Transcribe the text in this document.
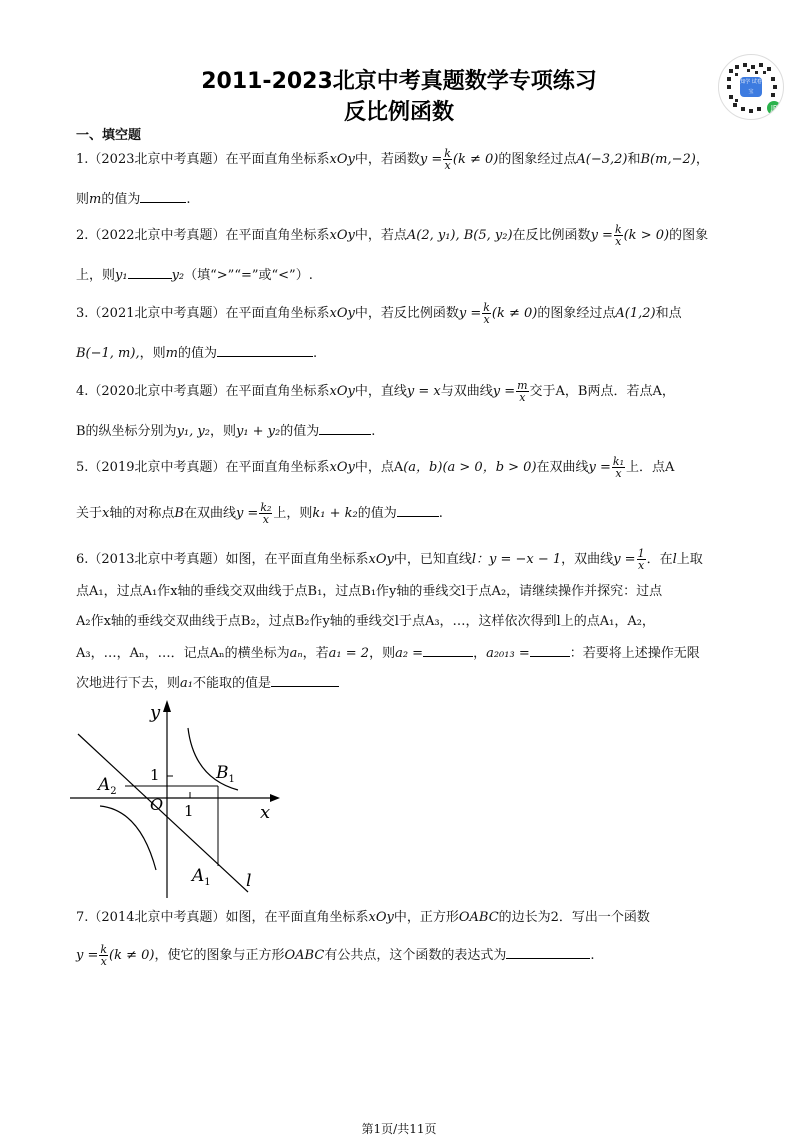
2011-2023北京中考真题数学专项练习
反比例函数
知学 试卷宝
JP
一、填空题
1.（2023北京中考真题）在平面直角坐标系xOy中，若函数$y = \frac{k}{x} (k \ne 0)$的图象经过点A(−3,2)和B(m,−2)，
则m的值为	.
2.（2022北京中考真题）在平面直角坐标系xOy中，若点A(2, y₁), B(5, y₂)在反比例函数$y = \frac{k}{x} (k > 0)$的图象
上，则y₁	y₂（填“>”“=”或“<”）.
3.（2021北京中考真题）在平面直角坐标系xOy中，若反比例函数$y = \frac{k}{x} (k \ne 0)$的图象经过点A(1,2)和点
B(−1, m),，则m的值为	.
4.（2020北京中考真题）在平面直角坐标系xOy中，直线y = x与双曲线$y = \frac{m}{x}$ 交于A，B两点．若点A，
B的纵坐标分别为y₁, y₂，则y₁ + y₂的值为	.
5.（2019北京中考真题）在平面直角坐标系xOy中，点A(a，b)(a > 0，b > 0)在双曲线$y = \frac{\text{k₁}}{x}$ 上．点A
关于x轴的对称点B在双曲线$y = \frac{\text{k₂}}{x}$ 上，则k₁ + k₂的值为	.
6.（2013北京中考真题）如图，在平面直角坐标系xOy中，已知直线l：y = −x − 1，双曲线$y = \frac{1}{x}$ ．在l上取
点A₁，过点A₁作x轴的垂线交双曲线于点B₁，过点B₁作y轴的垂线交l于点A₂，请继续操作并探究：过点
A₂作x轴的垂线交双曲线于点B₂，过点B₂作y轴的垂线交l于点A₃，…，这样依次得到l上的点A₁，A₂，
A₃，…，Aₙ，…．记点Aₙ的横坐标为aₙ，若a₁ = 2，则a₂ =	，a₂₀₁₃ =	：若要将上述操作无限
次地进行下去，则a₁不能取的值是
y
x
O
1
1
$B_1$
$A_2$
$A_1$ l
7.（2014北京中考真题）如图，在平面直角坐标系xOy中，正方形OABC的边长为2．写出一个函数
$y = \frac{k}{x} (k \ne 0)$，使它的图象与正方形OABC有公共点，这个函数的表达式为	.
第1页/共11页
